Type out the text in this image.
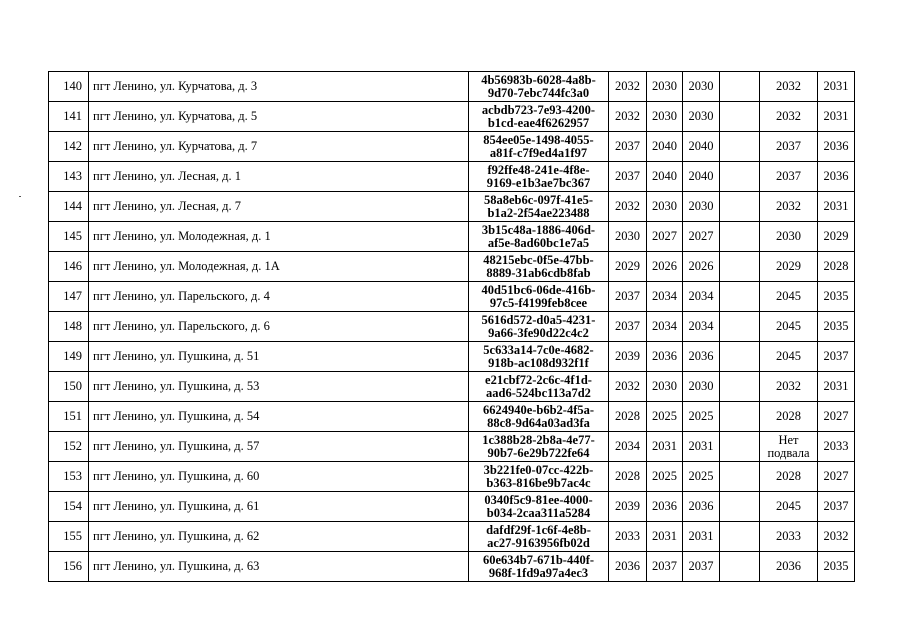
140	пгт Ленино, ул. Курчатова, д. 3	4b56983b-6028-4a8b-
9d70-7ebc744fc3a0	2032	2030	2030		2032	2031
141	пгт Ленино, ул. Курчатова, д. 5	acbdb723-7e93-4200-
b1cd-eae4f6262957	2032	2030	2030		2032	2031
142	пгт Ленино, ул. Курчатова, д. 7	854ee05e-1498-4055-
a81f-c7f9ed4a1f97	2037	2040	2040		2037	2036
143	пгт Ленино, ул. Лесная, д. 1	f92ffe48-241e-4f8e-
9169-e1b3ae7bc367	2037	2040	2040		2037	2036
144	пгт Ленино, ул. Лесная, д. 7	58a8eb6c-097f-41e5-
b1a2-2f54ae223488	2032	2030	2030		2032	2031
145	пгт Ленино, ул. Молодежная, д. 1	3b15c48a-1886-406d-
af5e-8ad60bc1e7a5	2030	2027	2027		2030	2029
146	пгт Ленино, ул. Молодежная, д. 1А	48215ebc-0f5e-47bb-
8889-31ab6cdb8fab	2029	2026	2026		2029	2028
147	пгт Ленино, ул. Парельского, д. 4	40d51bc6-06de-416b-
97c5-f4199feb8cee	2037	2034	2034		2045	2035
148	пгт Ленино, ул. Парельского, д. 6	5616d572-d0a5-4231-
9a66-3fe90d22c4c2	2037	2034	2034		2045	2035
149	пгт Ленино, ул. Пушкина, д. 51	5c633a14-7c0e-4682-
918b-ac108d932f1f	2039	2036	2036		2045	2037
150	пгт Ленино, ул. Пушкина, д. 53	e21cbf72-2c6c-4f1d-
aad6-524bc113a7d2	2032	2030	2030		2032	2031
151	пгт Ленино, ул. Пушкина, д. 54	6624940e-b6b2-4f5a-
88c8-9d64a03ad3fa	2028	2025	2025		2028	2027
152	пгт Ленино, ул. Пушкина, д. 57	1c388b28-2b8a-4e77-
90b7-6e29b722fe64	2034	2031	2031		Нет подвала	2033
153	пгт Ленино, ул. Пушкина, д. 60	3b221fe0-07cc-422b-
b363-816be9b7ac4c	2028	2025	2025		2028	2027
154	пгт Ленино, ул. Пушкина, д. 61	0340f5c9-81ee-4000-
b034-2caa311a5284	2039	2036	2036		2045	2037
155	пгт Ленино, ул. Пушкина, д. 62	dafdf29f-1c6f-4e8b-
ac27-9163956fb02d	2033	2031	2031		2033	2032
156	пгт Ленино, ул. Пушкина, д. 63	60e634b7-671b-440f-
968f-1fd9a97a4ec3	2036	2037	2037		2036	2035
